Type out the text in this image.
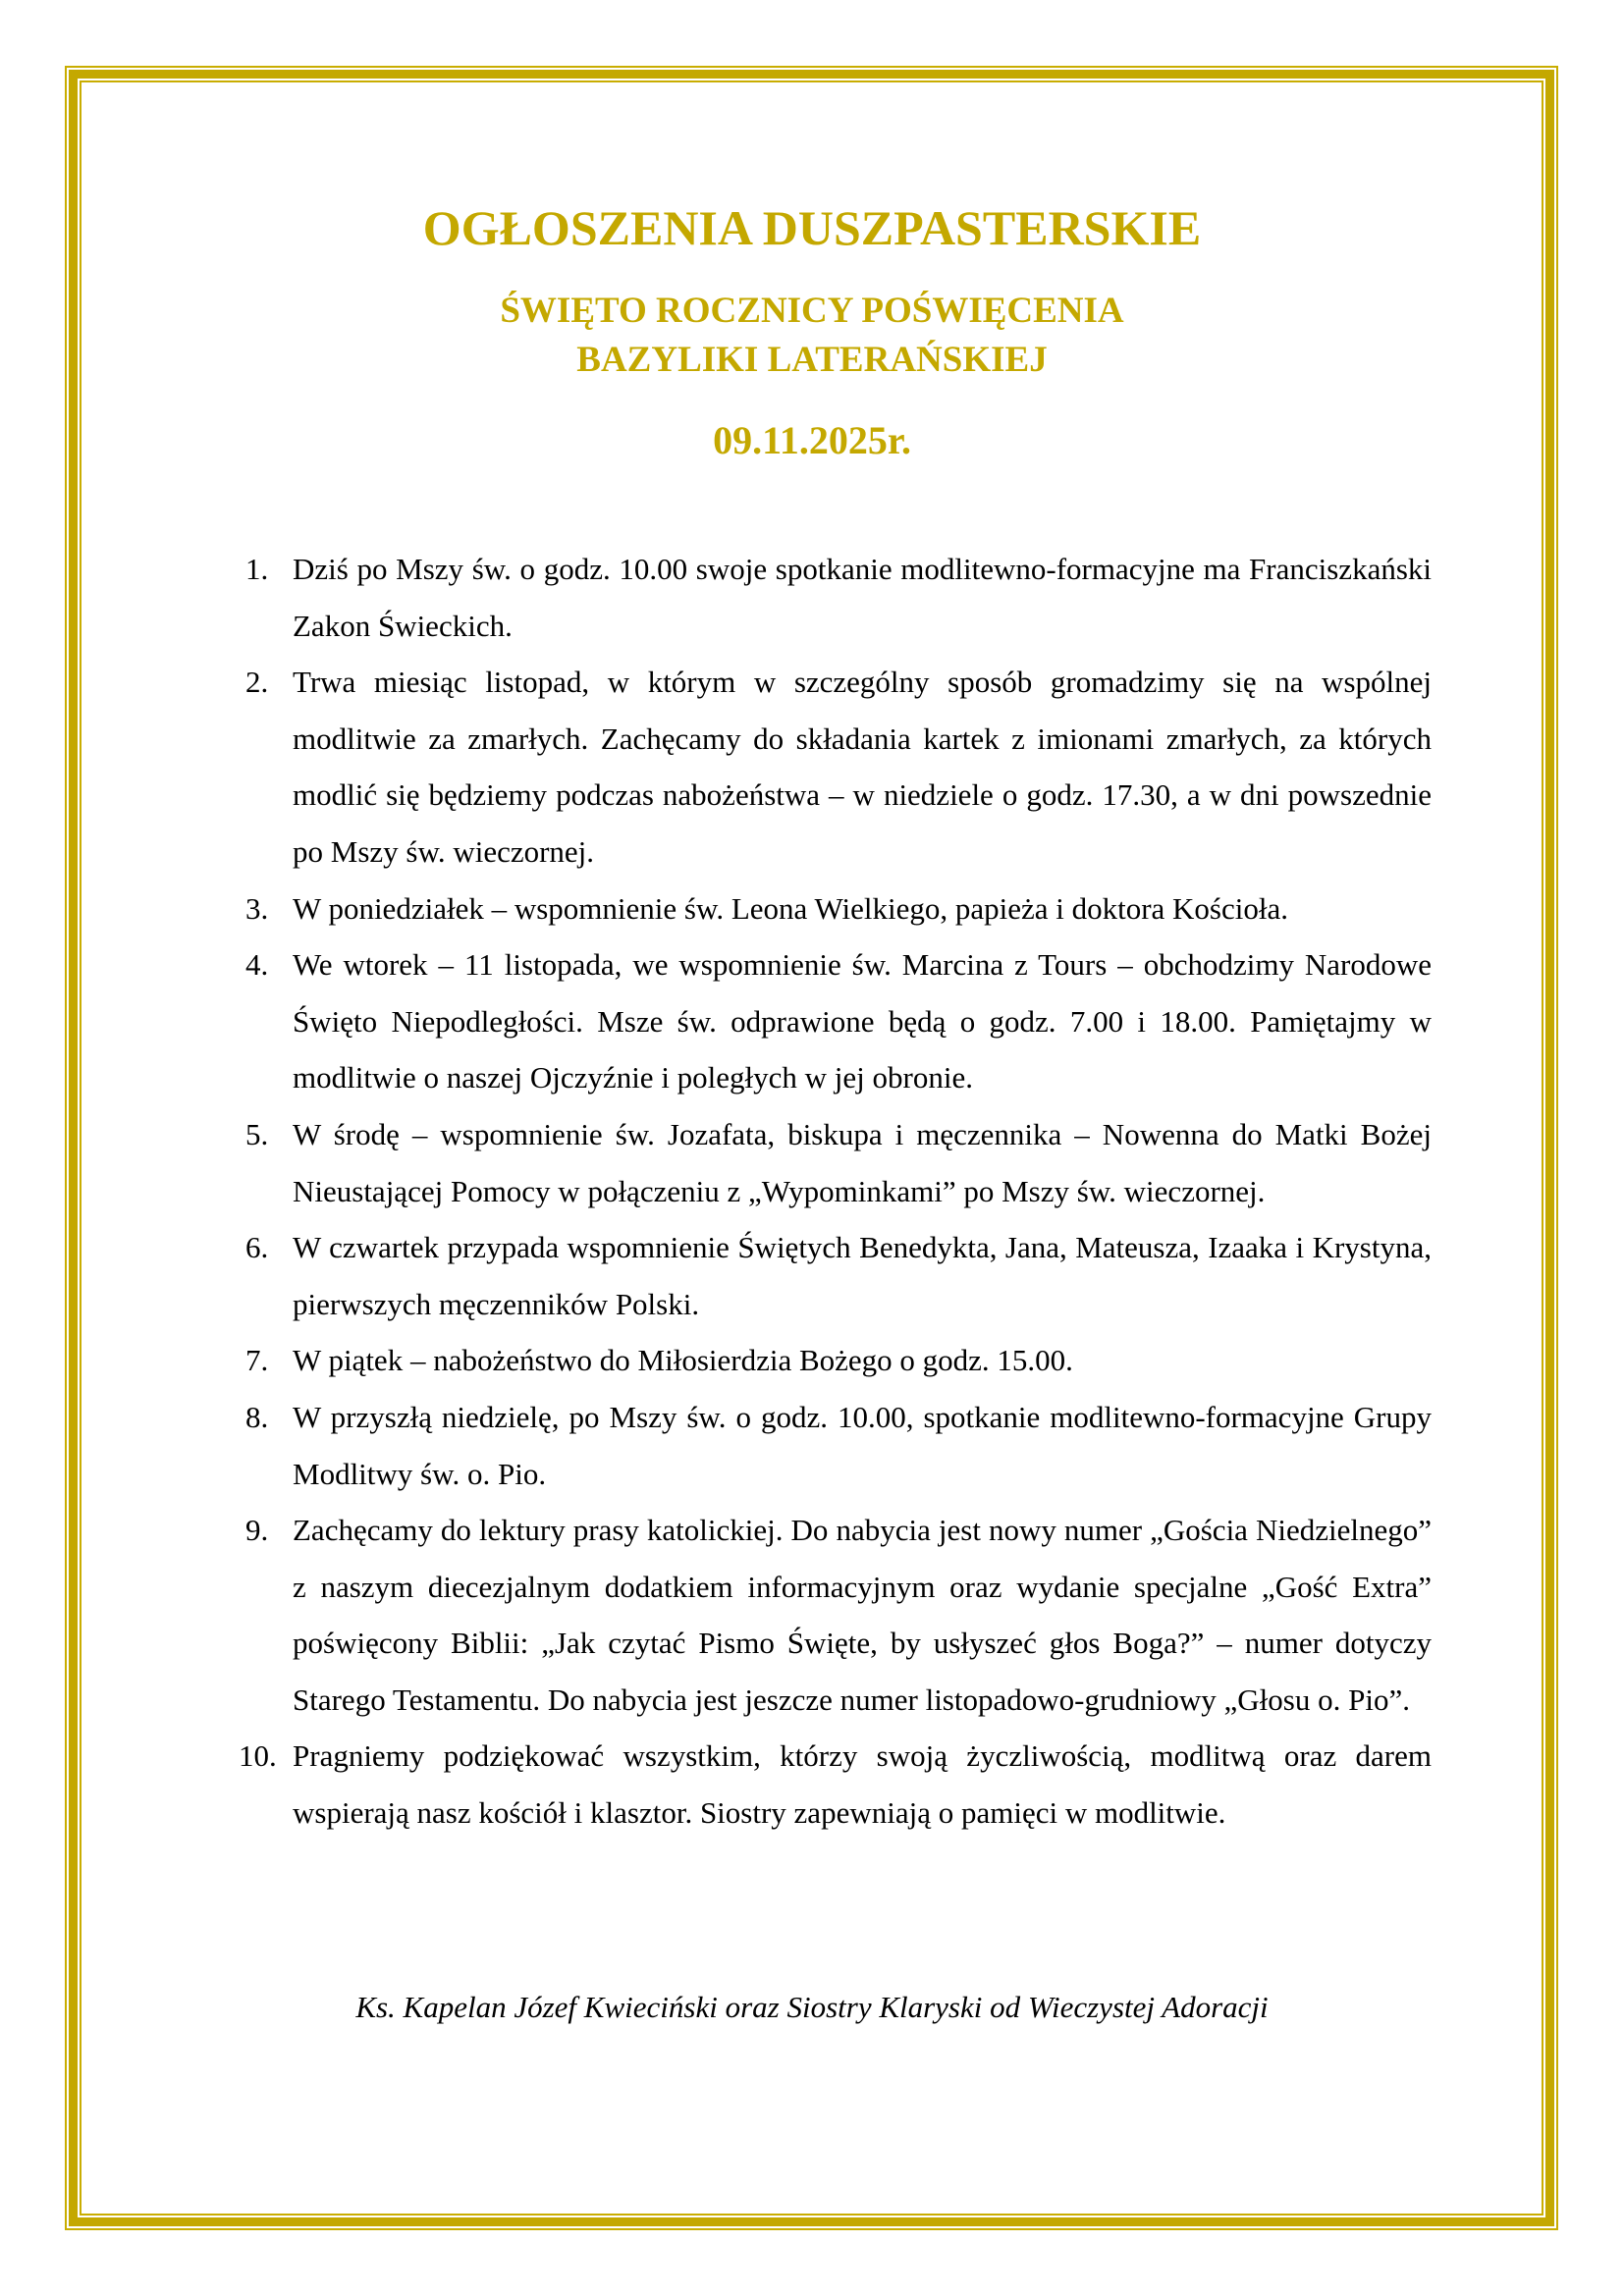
OGŁOSZENIA DUSZPASTERSKIE
ŚWIĘTO ROCZNICY POŚWIĘCENIA
BAZYLIKI LATERAŃSKIEJ
09.11.2025r.
1. Dziś po Mszy św. o godz. 10.00 swoje spotkanie modlitewno-formacyjne ma Franciszkański Zakon Świeckich.
2. Trwa miesiąc listopad, w którym w szczególny sposób gromadzimy się na wspólnej modlitwie za zmarłych. Zachęcamy do składania kartek z imionami zmarłych, za których modlić się będziemy podczas nabożeństwa – w niedziele o godz. 17.30, a w dni powszednie po Mszy św. wieczornej.
3. W poniedziałek – wspomnienie św. Leona Wielkiego, papieża i doktora Kościoła.
4. We wtorek – 11 listopada, we wspomnienie św. Marcina z Tours – obchodzimy Narodowe Święto Niepodległości. Msze św. odprawione będą o godz. 7.00 i 18.00. Pamiętajmy w modlitwie o naszej Ojczyźnie i poległych w jej obronie.
5. W środę – wspomnienie św. Jozafata, biskupa i męczennika – Nowenna do Matki Bożej Nieustającej Pomocy w połączeniu z „Wypominkami” po Mszy św. wieczornej.
6. W czwartek przypada wspomnienie Świętych Benedykta, Jana, Mateusza, Izaaka i Krystyna, pierwszych męczenników Polski.
7. W piątek – nabożeństwo do Miłosierdzia Bożego o godz. 15.00.
8. W przyszłą niedzielę, po Mszy św. o godz. 10.00, spotkanie modlitewno-formacyjne Grupy Modlitwy św. o. Pio.
9. Zachęcamy do lektury prasy katolickiej. Do nabycia jest nowy numer „Gościa Niedzielnego” z naszym diecezjalnym dodatkiem informacyjnym oraz wydanie specjalne „Gość Extra” poświęcony Biblii: „Jak czytać Pismo Święte, by usłyszeć głos Boga?” – numer dotyczy Starego Testamentu. Do nabycia jest jeszcze numer listopadowo-grudniowy „Głosu o. Pio”.
10. Pragniemy podziękować wszystkim, którzy swoją życzliwością, modlitwą oraz darem wspierają nasz kościół i klasztor. Siostry zapewniają o pamięci w modlitwie.

Ks. Kapelan Józef Kwieciński oraz Siostry Klaryski od Wieczystej Adoracji
